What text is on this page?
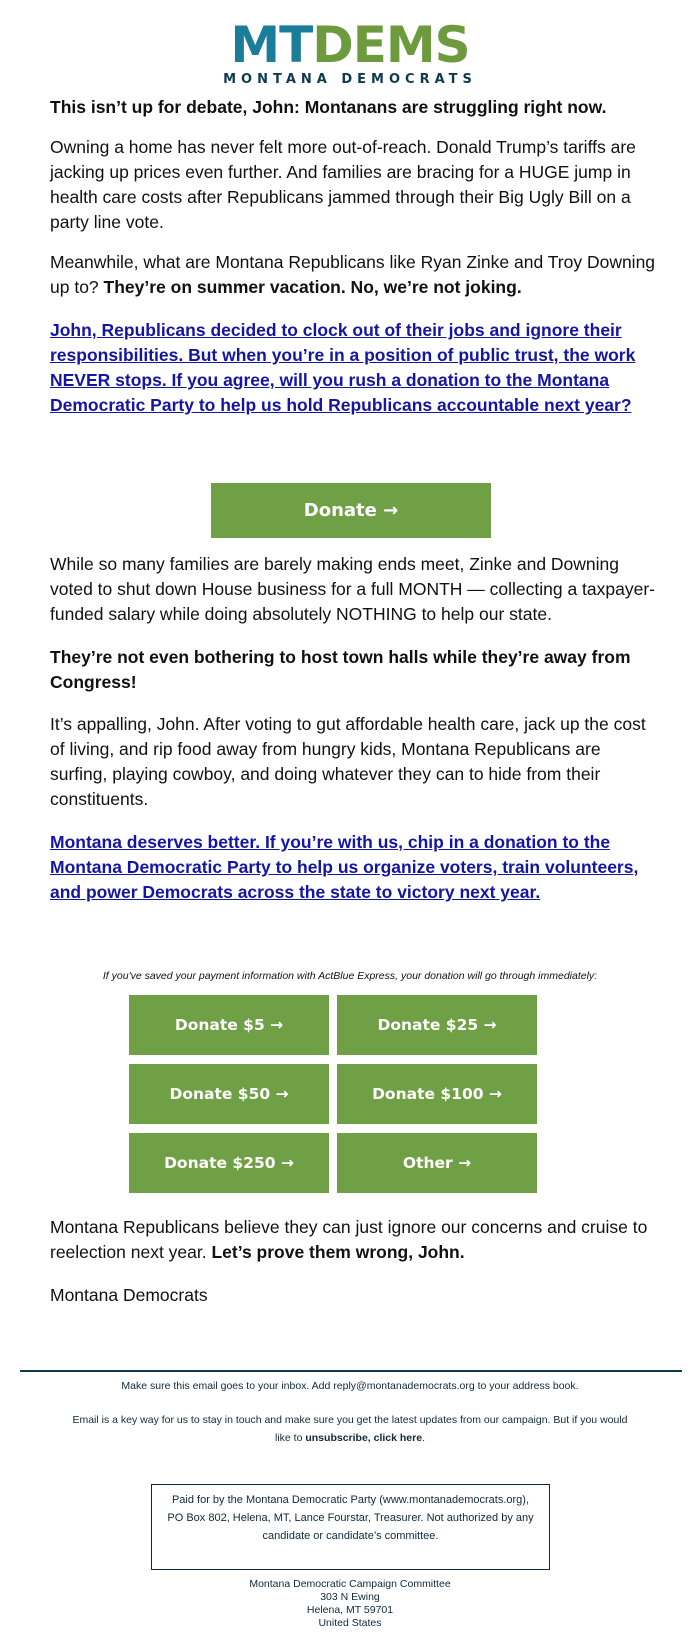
MTDEMS
MONTANA DEMOCRATS
This isn’t up for debate, John: Montanans are struggling right now.
Owning a home has never felt more out-of-reach. Donald Trump’s tariffs are jacking up prices even further. And families are bracing for a HUGE jump in health care costs after Republicans jammed through their Big Ugly Bill on a party line vote.
Meanwhile, what are Montana Republicans like Ryan Zinke and Troy Downing up to? They’re on summer vacation. No, we’re not joking.
John, Republicans decided to clock out of their jobs and ignore their responsibilities. But when you’re in a position of public trust, the work NEVER stops. If you agree, will you rush a donation to the Montana Democratic Party to help us hold Republicans accountable next year?
Donate →
While so many families are barely making ends meet, Zinke and Downing voted to shut down House business for a full MONTH — collecting a taxpayer-funded salary while doing absolutely NOTHING to help our state.
They’re not even bothering to host town halls while they’re away from Congress!
It’s appalling, John. After voting to gut affordable health care, jack up the cost of living, and rip food away from hungry kids, Montana Republicans are surfing, playing cowboy, and doing whatever they can to hide from their constituents.
Montana deserves better. If you’re with us, chip in a donation to the Montana Democratic Party to help us organize voters, train volunteers, and power Democrats across the state to victory next year.
If you've saved your payment information with ActBlue Express, your donation will go through immediately:
Donate $5 →	Donate $25 →
Donate $50 →	Donate $100 →
Donate $250 →	Other →
Montana Republicans believe they can just ignore our concerns and cruise to reelection next year. Let’s prove them wrong, John.
Montana Democrats
Make sure this email goes to your inbox. Add reply@montanademocrats.org to your address book.
Email is a key way for us to stay in touch and make sure you get the latest updates from our campaign. But if you would like to unsubscribe, click here.
Paid for by the Montana Democratic Party (www.montanademocrats.org), PO Box 802, Helena, MT, Lance Fourstar, Treasurer. Not authorized by any candidate or candidate’s committee.
Montana Democratic Campaign Committee
303 N Ewing
Helena, MT 59701
United States
